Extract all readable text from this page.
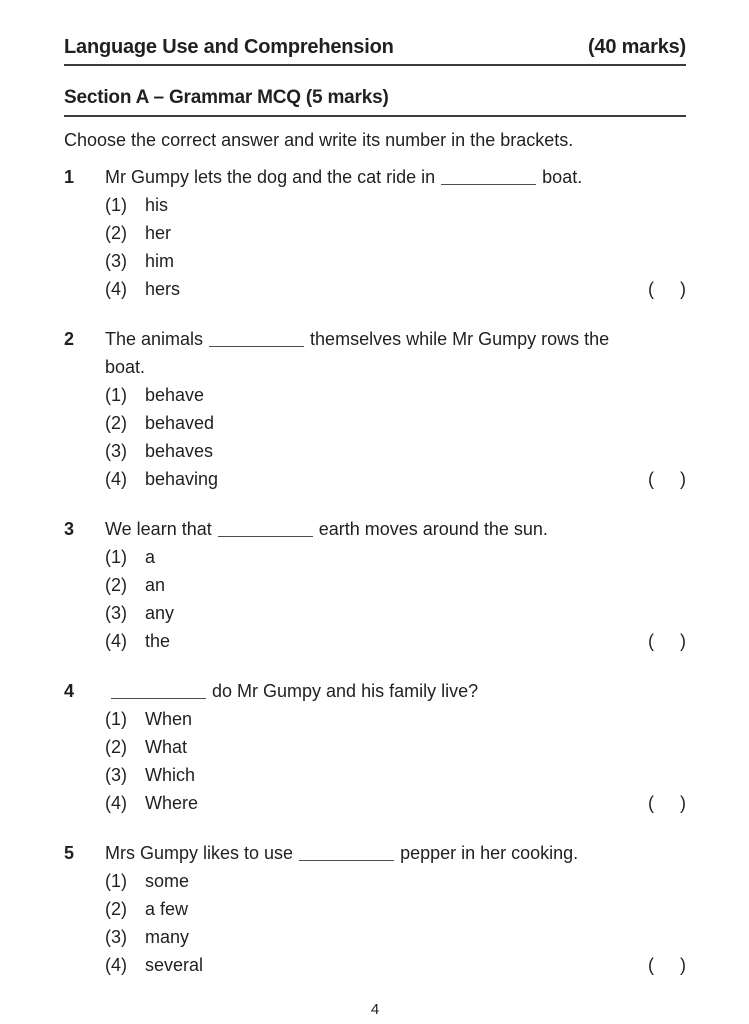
Language Use and Comprehension	(40 marks)
Section A – Grammar MCQ (5 marks)
Choose the correct answer and write its number in the brackets.
1	Mr Gumpy lets the dog and the cat ride in	boat.
(1)	his
(2)	her
(3)	him
(4)	hers	( )
2	The animals	themselves while Mr Gumpy rows the
boat.
(1)	behave
(2)	behaved
(3)	behaves
(4)	behaving	( )
3	We learn that	earth moves around the sun.
(1)	a
(2)	an
(3)	any
(4)	the	( )
4	do Mr Gumpy and his family live?
(1)	When
(2)	What
(3)	Which
(4)	Where	( )
5	Mrs Gumpy likes to use	pepper in her cooking.
(1)	some
(2)	a few
(3)	many
(4)	several	( )
4
